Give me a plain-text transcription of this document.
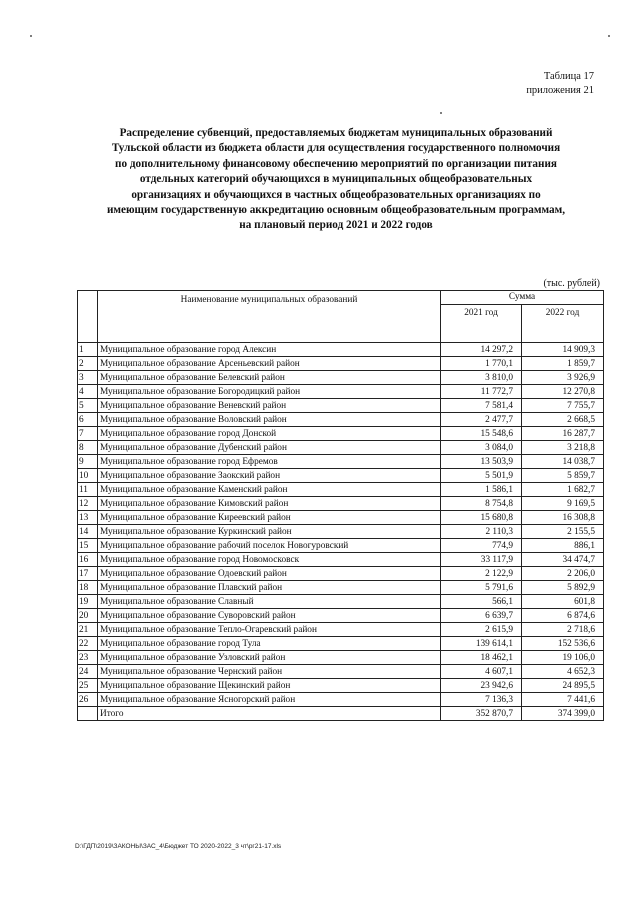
Таблица 17
приложения 21
Распределение субвенций, предоставляемых бюджетам муниципальных образований
Тульской области из бюджета области для осуществления государственного полномочия
по дополнительному финансовому обеспечению мероприятий по организации питания
отдельных категорий обучающихся в муниципальных общеобразовательных
организациях и обучающихся в частных общеобразовательных организациях по
имеющим государственную аккредитацию основным общеобразовательным программам,
на плановый период 2021 и 2022 годов
(тыс. рублей)
	Наименование муниципальных образований	Сумма	
		2021 год	2022 год
1	Муниципальное образование город Алексин	14 297,2	14 909,3
2	Муниципальное образование Арсеньевский район	1 770,1	1 859,7
3	Муниципальное образование Белевский район	3 810,0	3 926,9
4	Муниципальное образование Богородицкий район	11 772,7	12 270,8
5	Муниципальное образование Веневский район	7 581,4	7 755,7
6	Муниципальное образование Воловский район	2 477,7	2 668,5
7	Муниципальное образование город Донской	15 548,6	16 287,7
8	Муниципальное образование Дубенский район	3 084,0	3 218,8
9	Муниципальное образование город Ефремов	13 503,9	14 038,7
10	Муниципальное образование Заокский район	5 501,9	5 859,7
11	Муниципальное образование Каменский район	1 586,1	1 682,7
12	Муниципальное образование Кимовский район	8 754,8	9 169,5
13	Муниципальное образование Киреевский район	15 680,8	16 308,8
14	Муниципальное образование Куркинский район	2 110,3	2 155,5
15	Муниципальное образование рабочий поселок Новогуровский	774,9	886,1
16	Муниципальное образование город Новомосковск	33 117,9	34 474,7
17	Муниципальное образование Одоевский район	2 122,9	2 206,0
18	Муниципальное образование Плавский район	5 791,6	5 892,9
19	Муниципальное образование Славный	566,1	601,8
20	Муниципальное образование Суворовский район	6 639,7	6 874,6
21	Муниципальное образование Тепло-Огаревский район	2 615,9	2 718,6
22	Муниципальное образование город Тула	139 614,1	152 536,6
23	Муниципальное образование Узловский район	18 462,1	19 106,0
24	Муниципальное образование Чернский район	4 607,1	4 652,3
25	Муниципальное образование Щекинский район	23 942,6	24 895,5
26	Муниципальное образование Ясногорский район	7 136,3	7 441,6
	Итого	352 870,7	374 399,0
D:\ГДП\2019\ЗАКОНЫ\ЗАС_4\Бюджет ТО 2020-2022_3 чт\рг21-17.xls
